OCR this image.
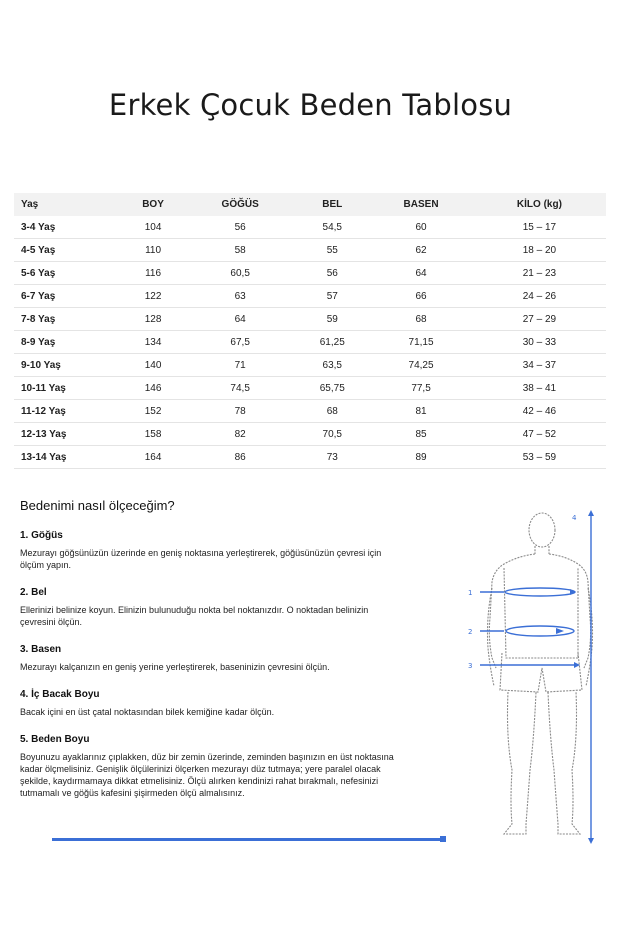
Erkek Çocuk Beden Tablosu
Yaş	BOY	GÖĞÜS	BEL	BASEN	KİLO (kg)
3-4 Yaş	104	56	54,5	60	15 – 17
4-5 Yaş	110	58	55	62	18 – 20
5-6 Yaş	116	60,5	56	64	21 – 23
6-7 Yaş	122	63	57	66	24 – 26
7-8 Yaş	128	64	59	68	27 – 29
8-9 Yaş	134	67,5	61,25	71,15	30 – 33
9-10 Yaş	140	71	63,5	74,25	34 – 37
10-11 Yaş	146	74,5	65,75	77,5	38 – 41
11-12 Yaş	152	78	68	81	42 – 46
12-13 Yaş	158	82	70,5	85	47 – 52
13-14 Yaş	164	86	73	89	53 – 59
Bedenimi nasıl ölçeceğim?
1. Göğüs

Mezurayı göğsünüzün üzerinde en geniş noktasına yerleştirerek, göğüsünüzün çevresi için ölçüm yapın.

2. Bel

Ellerinizi belinize koyun. Elinizin bulunuduğu nokta bel noktanızdır. O noktadan belinizin çevresini ölçün.

3. Basen

Mezurayı kalçanızın en geniş yerine yerleştirerek, baseninizin çevresini ölçün.

4. İç Bacak Boyu

Bacak içini en üst çatal noktasından bilek kemiğine kadar ölçün.

5. Beden Boyu

Boyunuzu ayaklarınız çıplakken, düz bir zemin üzerinde, zeminden başınızın en üst noktasına kadar ölçmelisiniz. Genişlik ölçülerinizi ölçerken mezurayı düz tutmaya; yere paralel olacak şekilde, kaydırmamaya dikkat etmelisiniz. Ölçü alırken kendinizi rahat bırakmalı, nefesinizi tutmamalı ve göğüs kafesini şişirmeden ölçü almalısınız.

1
2
3
4
